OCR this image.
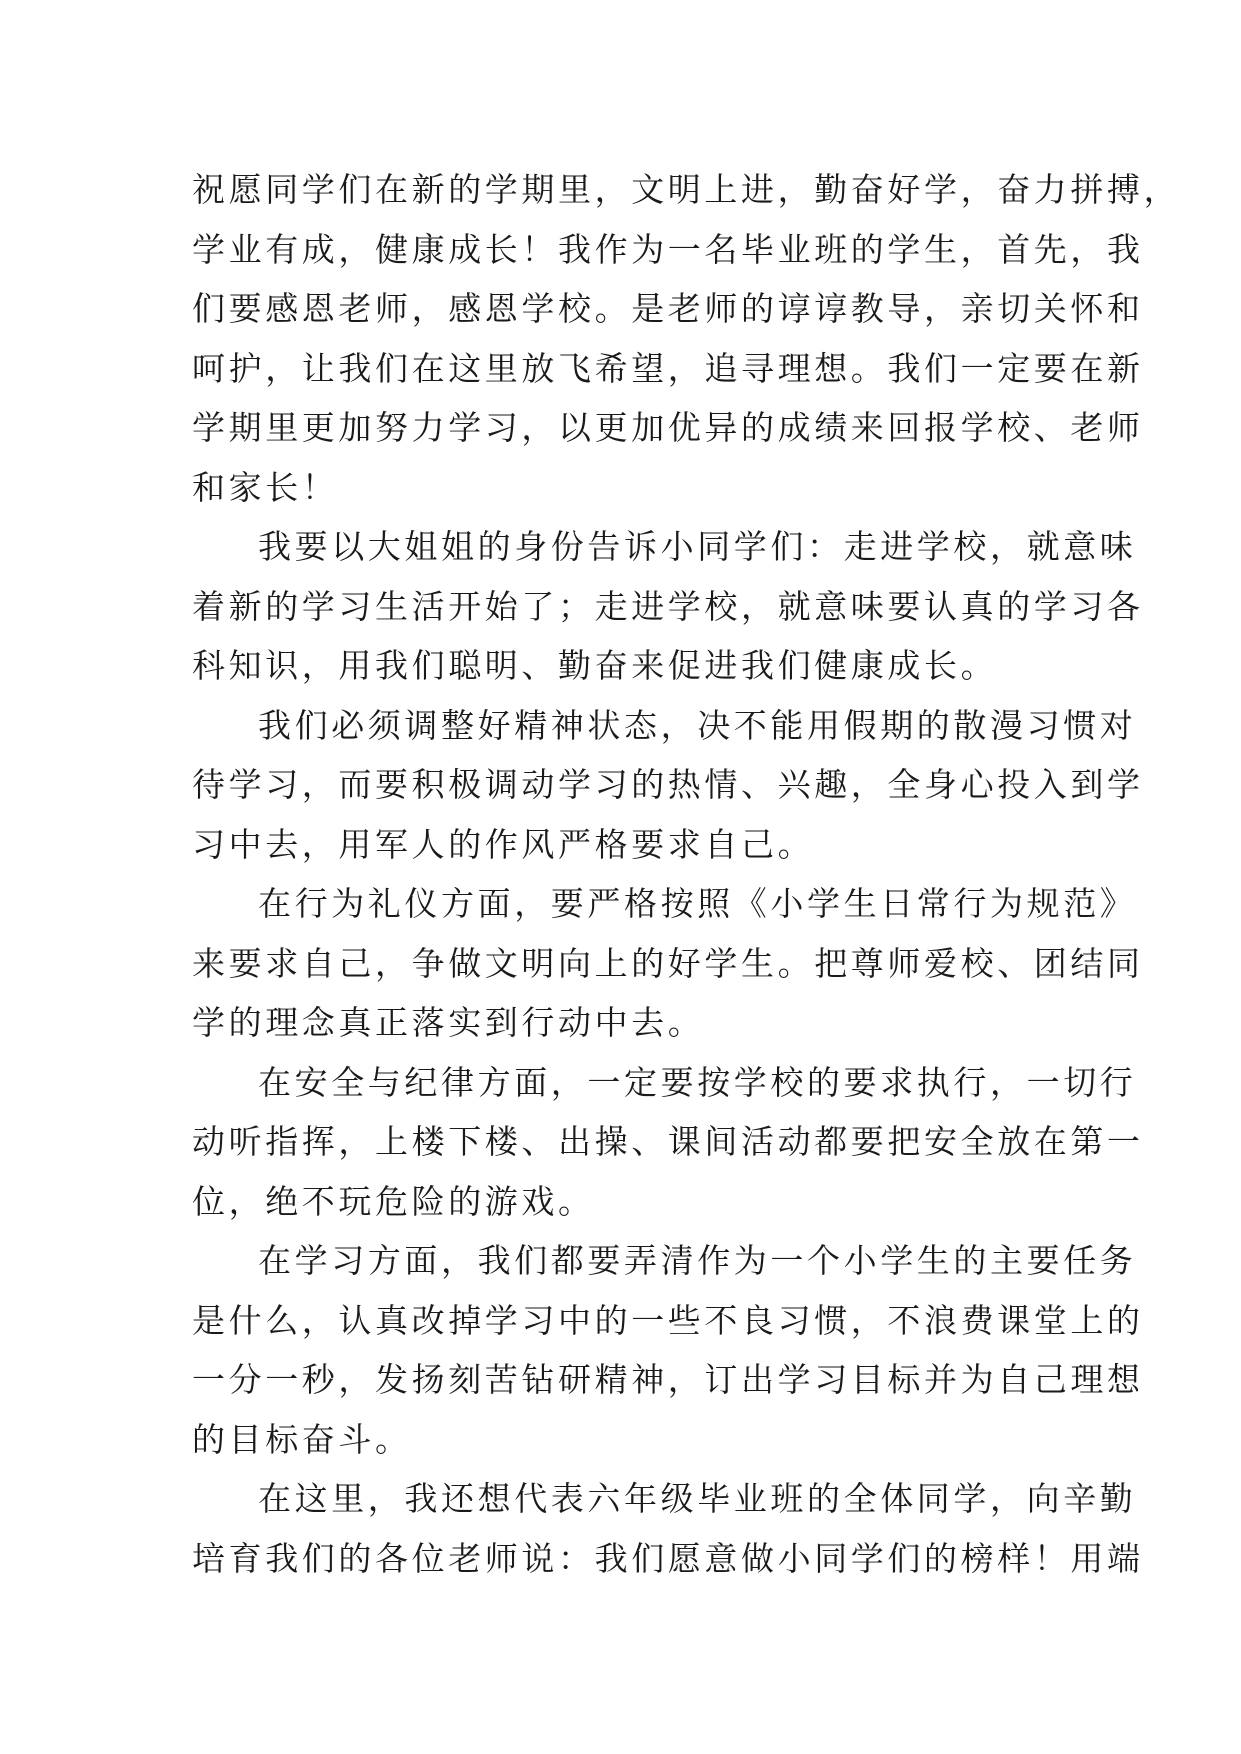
祝愿同学们在新的学期里，文明上进，勤奋好学，奋力拼搏，
学业有成，健康成长！我作为一名毕业班的学生，首先，我
们要感恩老师，感恩学校。是老师的谆谆教导，亲切关怀和
呵护，让我们在这里放飞希望，追寻理想。我们一定要在新
学期里更加努力学习，以更加优异的成绩来回报学校、老师
和家长！
我要以大姐姐的身份告诉小同学们：走进学校，就意味
着新的学习生活开始了；走进学校，就意味要认真的学习各
科知识，用我们聪明、勤奋来促进我们健康成长。
我们必须调整好精神状态，决不能用假期的散漫习惯对
待学习，而要积极调动学习的热情、兴趣，全身心投入到学
习中去，用军人的作风严格要求自己。
在行为礼仪方面，要严格按照《小学生日常行为规范》
来要求自己，争做文明向上的好学生。把尊师爱校、团结同
学的理念真正落实到行动中去。
在安全与纪律方面，一定要按学校的要求执行，一切行
动听指挥，上楼下楼、出操、课间活动都要把安全放在第一
位，绝不玩危险的游戏。
在学习方面，我们都要弄清作为一个小学生的主要任务
是什么，认真改掉学习中的一些不良习惯，不浪费课堂上的
一分一秒，发扬刻苦钻研精神，订出学习目标并为自己理想
的目标奋斗。
在这里，我还想代表六年级毕业班的全体同学，向辛勤
培育我们的各位老师说：我们愿意做小同学们的榜样！用端
